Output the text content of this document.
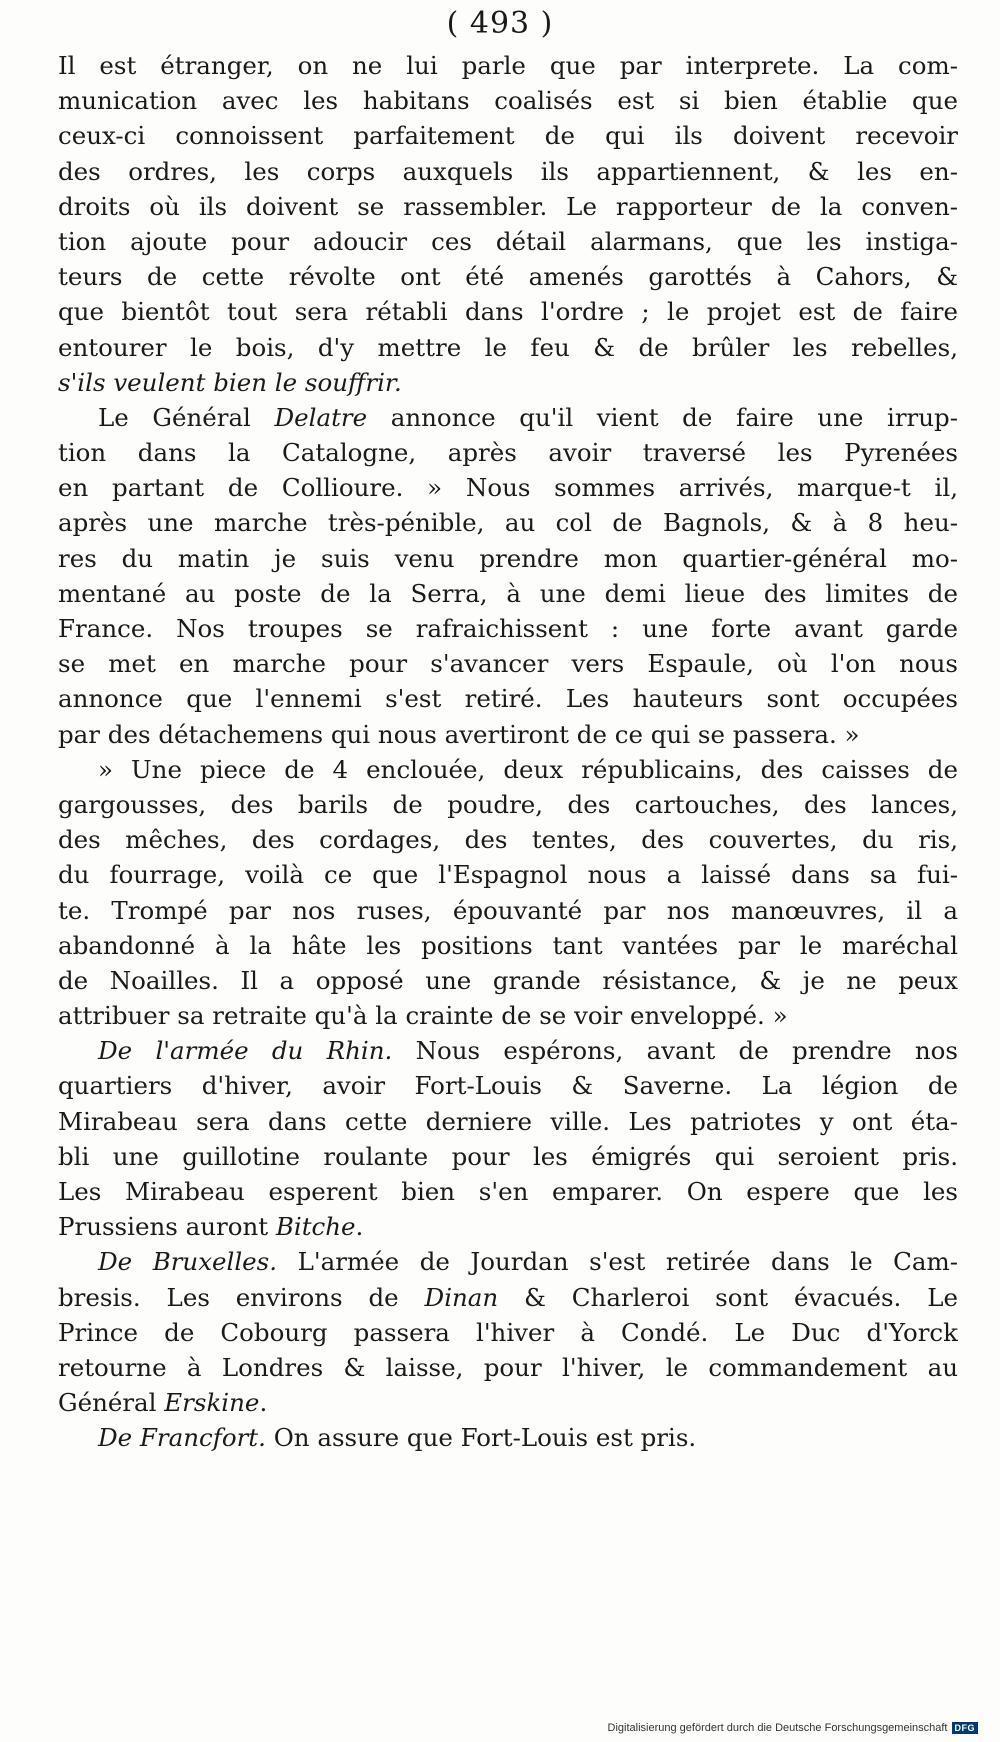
( 493 )
Il est étranger, on ne lui parle que par interprete. La com-
munication avec les habitans coalisés est si bien établie que
ceux-ci connoissent parfaitement de qui ils doivent recevoir
des ordres, les corps auxquels ils appartiennent, & les en-
droits où ils doivent se rassembler. Le rapporteur de la conven-
tion ajoute pour adoucir ces détail alarmans, que les instiga-
teurs de cette révolte ont été amenés garottés à Cahors, &
que bientôt tout sera rétabli dans l'ordre ; le projet est de faire
entourer le bois, d'y mettre le feu & de brûler les rebelles,
s'ils veulent bien le souffrir.
Le Général Delatre annonce qu'il vient de faire une irrup-
tion dans la Catalogne, après avoir traversé les Pyrenées
en partant de Collioure. » Nous sommes arrivés, marque-t il,
après une marche très-pénible, au col de Bagnols, & à 8 heu-
res du matin je suis venu prendre mon quartier-général mo-
mentané au poste de la Serra, à une demi lieue des limites de
France. Nos troupes se rafraichissent : une forte avant garde
se met en marche pour s'avancer vers Espaule, où l'on nous
annonce que l'ennemi s'est retiré. Les hauteurs sont occupées
par des détachemens qui nous avertiront de ce qui se passera. »
» Une piece de 4 enclouée, deux républicains, des caisses de
gargousses, des barils de poudre, des cartouches, des lances,
des mêches, des cordages, des tentes, des couvertes, du ris,
du fourrage, voilà ce que l'Espagnol nous a laissé dans sa fui-
te. Trompé par nos ruses, épouvanté par nos manœuvres, il a
abandonné à la hâte les positions tant vantées par le maréchal
de Noailles. Il a opposé une grande résistance, & je ne peux
attribuer sa retraite qu'à la crainte de se voir enveloppé. »
De l'armée du Rhin. Nous espérons, avant de prendre nos
quartiers d'hiver, avoir Fort-Louis & Saverne. La légion de
Mirabeau sera dans cette derniere ville. Les patriotes y ont éta-
bli une guillotine roulante pour les émigrés qui seroient pris.
Les Mirabeau esperent bien s'en emparer. On espere que les
Prussiens auront Bitche.
De Bruxelles. L'armée de Jourdan s'est retirée dans le Cam-
bresis. Les environs de Dinan & Charleroi sont évacués. Le
Prince de Cobourg passera l'hiver à Condé. Le Duc d'Yorck
retourne à Londres & laisse, pour l'hiver, le commandement au
Général Erskine.
De Francfort. On assure que Fort-Louis est pris.
Digitalisierung gefördert durch die Deutsche Forschungsgemeinschaft DFG
